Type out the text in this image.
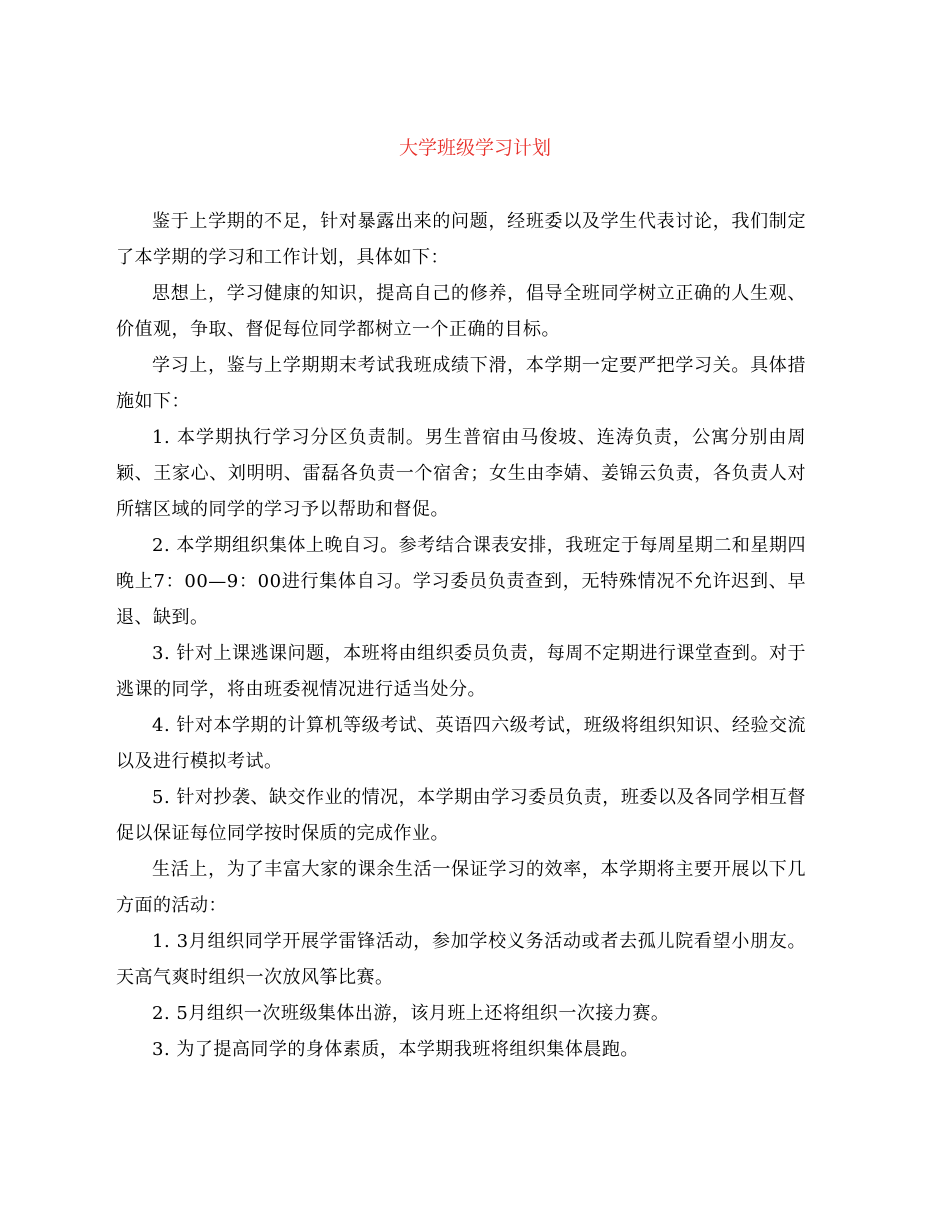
大学班级学习计划

鉴于上学期的不足，针对暴露出来的问题，经班委以及学生代表讨论，我们制定了本学期的学习和工作计划，具体如下：

思想上，学习健康的知识，提高自己的修养，倡导全班同学树立正确的人生观、价值观，争取、督促每位同学都树立一个正确的目标。

学习上，鉴与上学期期末考试我班成绩下滑，本学期一定要严把学习关。具体措施如下：

1. 本学期执行学习分区负责制。男生普宿由马俊坡、连涛负责，公寓分别由周颖、王家心、刘明明、雷磊各负责一个宿舍；女生由李婧、姜锦云负责，各负责人对所辖区域的同学的学习予以帮助和督促。

2. 本学期组织集体上晚自习。参考结合课表安排，我班定于每周星期二和星期四晚上7：00—9：00进行集体自习。学习委员负责查到，无特殊情况不允许迟到、早退、缺到。

3. 针对上课逃课问题，本班将由组织委员负责，每周不定期进行课堂查到。对于逃课的同学，将由班委视情况进行适当处分。

4. 针对本学期的计算机等级考试、英语四六级考试，班级将组织知识、经验交流以及进行模拟考试。

5. 针对抄袭、缺交作业的情况，本学期由学习委员负责，班委以及各同学相互督促以保证每位同学按时保质的完成作业。

生活上，为了丰富大家的课余生活一保证学习的效率，本学期将主要开展以下几方面的活动：

1. 3月组织同学开展学雷锋活动，参加学校义务活动或者去孤儿院看望小朋友。天高气爽时组织一次放风筝比赛。

2. 5月组织一次班级集体出游，该月班上还将组织一次接力赛。

3. 为了提高同学的身体素质，本学期我班将组织集体晨跑。
